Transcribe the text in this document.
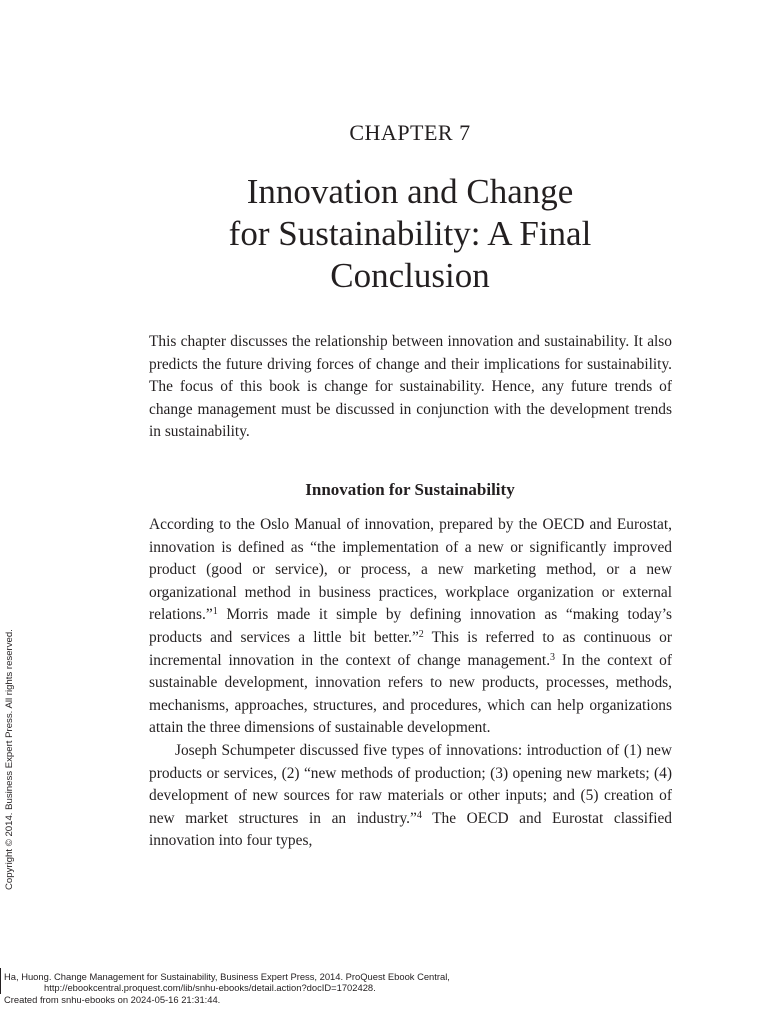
CHAPTER 7
Innovation and Change
for Sustainability: A Final
Conclusion

This chapter discusses the relationship between innovation and sustainability. It also predicts the future driving forces of change and their implications for sustainability. The focus of this book is change for sustainability. Hence, any future trends of change management must be discussed in conjunction with the development trends in sustainability.

Innovation for Sustainability

According to the Oslo Manual of innovation, prepared by the OECD and Eurostat, innovation is defined as “the implementation of a new or significantly improved product (good or service), or process, a new marketing method, or a new organizational method in business practices, workplace organization or external relations.”$^1$ Morris made it simple by defining innovation as “making today’s products and services a little bit better.”$^2$ This is referred to as continuous or incremental innovation in the context of change management.$^3$ In the context of sustainable development, innovation refers to new products, processes, methods, mechanisms, approaches, structures, and procedures, which can help organizations attain the three dimensions of sustainable development.

Joseph Schumpeter discussed five types of innovations: introduction of (1) new products or services, (2) “new methods of production; (3) opening new markets; (4) development of new sources for raw materials or other inputs; and (5) creation of new market structures in an industry.”$^4$ The OECD and Eurostat classified innovation into four types,

Copyright © 2014. Business Expert Press. All rights reserved.
Ha, Huong. Change Management for Sustainability, Business Expert Press, 2014. ProQuest Ebook Central,
http://ebookcentral.proquest.com/lib/snhu-ebooks/detail.action?docID=1702428.
Created from snhu-ebooks on 2024-05-16 21:31:44.
